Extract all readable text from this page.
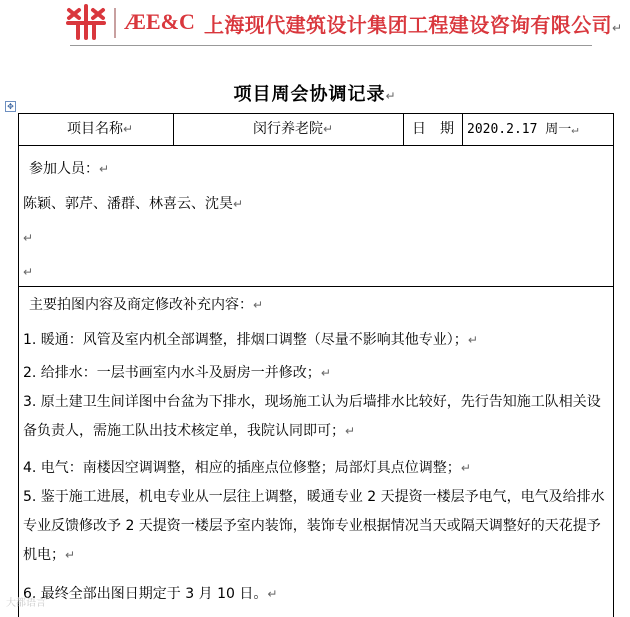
ÆE&C 上海现代建筑设计集团工程建设咨询有限公司↵
项目周会协调记录↵
✥
项目名称↵	闵行养老院↵	日　期 2020.2.17 周一↵
参加人员：↵
陈颖、郭芹、潘群、林喜云、沈昊↵
↵
↵
主要拍图内容及商定修改补充内容：↵
1. 暖通：风管及室内机全部调整，排烟口调整（尽量不影响其他专业）；↵
2. 给排水：一层书画室内水斗及厨房一并修改；↵
3. 原土建卫生间详图中台盆为下排水，现场施工认为后墙排水比较好，先行告知施工队相关设备负责人，需施工队出技术核定单，我院认同即可；↵
4. 电气：南楼因空调调整，相应的插座点位修整；局部灯具点位调整；↵
5. 鉴于施工进展，机电专业从一层往上调整，暖通专业 2 天提资一楼层予电气，电气及给排水专业反馈修改予 2 天提资一楼层予室内装饰，装饰专业根据情况当天或隔天调整好的天花提予机电；↵
6. 最终全部出图日期定于 3 月 10 日。↵
大都语言
